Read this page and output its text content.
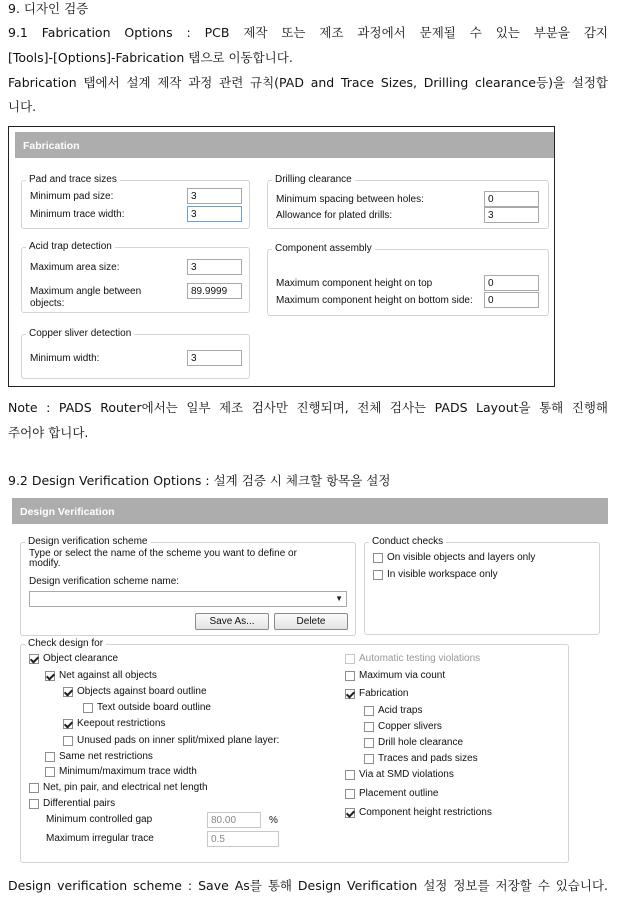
9. 디자인 검증
9.1 Fabrication Options : PCB 제작 또는 제조 과정에서 문제될 수 있는 부분을 감지
[Tools]-[Options]-Fabrication 탭으로 이동합니다.
Fabrication 탭에서 설계 제작 과정 관련 규칙(PAD and Trace Sizes, Drilling clearance등)을 설정합
니다.
Fabrication
Pad and trace sizes
Minimum pad size:
3
Minimum trace width:
3
Acid trap detection
Maximum area size:
3
Maximum angle between objects:
89.9999
Copper sliver detection
Minimum width:
3
Drilling clearance
Minimum spacing between holes:
0
Allowance for plated drills:
3
Component assembly
Maximum component height on top
0
Maximum component height on bottom side:
0
Note : PADS Router에서는 일부 제조 검사만 진행되며, 전체 검사는 PADS Layout을 통해 진행해
주어야 합니다.
9.2 Design Verification Options : 설계 검증 시 체크할 항목을 설정
Design Verification
Design verification scheme
Type or select the name of the scheme you want to define or modify.
Design verification scheme name:
▼
Save As...	Delete
Conduct checks
On visible objects and layers only
In visible workspace only
Check design for
Object clearance
Net against all objects
Objects against board outline
Text outside board outline
Keepout restrictions
Unused pads on inner split/mixed plane layer:
Same net restrictions
Minimum/maximum trace width
Net, pin pair, and electrical net length
Differential pairs
Minimum controlled gap
80.00	%
Maximum irregular trace
0.5
Automatic testing violations
Maximum via count
Fabrication
Acid traps
Copper slivers
Drill hole clearance
Traces and pads sizes
Via at SMD violations
Placement outline
Component height restrictions
Design verification scheme : Save As를 통해 Design Verification 설정 정보를 저장할 수 있습니다.
